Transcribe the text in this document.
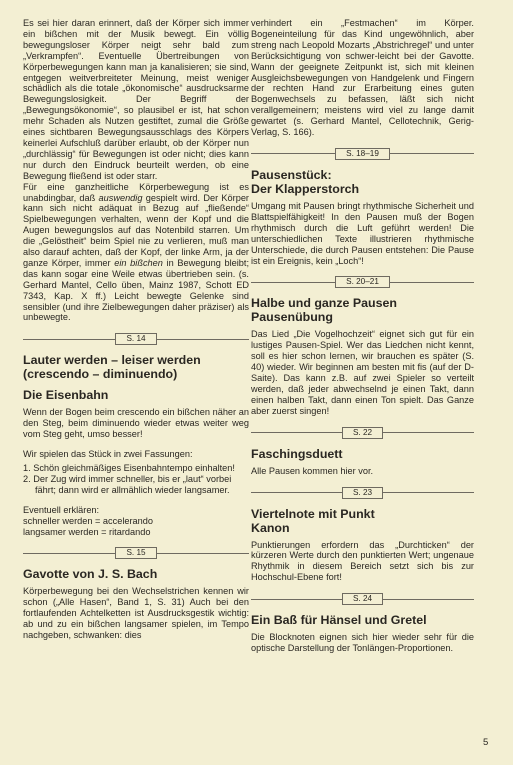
Es sei hier daran erinnert, daß der Körper sich immer ein bißchen mit der Musik bewegt. Ein völlig bewegungsloser Körper neigt sehr bald zum „Verkrampfen“. Eventuelle Übertreibungen von Körperbewegungen kann man ja kanalisieren; sie sind, entgegen weitverbreiteter Meinung, meist weniger schädlich als die totale „ökonomische“ ausdrucksarme Bewegungslosigkeit. Der Begriff der „Bewegungsökonomie“, so plausibel er ist, hat schon mehr Schaden als Nutzen gestiftet, zumal die Größe eines sichtbaren Bewegungsausschlags des Körpers keinerlei Aufschluß darüber erlaubt, ob der Körper nun „durchlässig“ für Bewegungen ist oder nicht; dies kann nur durch den Eindruck beurteilt werden, ob eine Bewegung fließend ist oder starr.

Für eine ganzheitliche Körperbewegung ist es unabdingbar, daß auswendig gespielt wird. Der Körper kann sich nicht adäquat in Bezug auf „fließende“ Spielbewegungen verhalten, wenn der Kopf und die Augen bewegungslos auf das Notenbild starren. Um die „Gelöstheit“ beim Spiel nie zu verlieren, muß man also darauf achten, daß der Kopf, der linke Arm, ja der ganze Körper, immer ein bißchen in Bewegung bleibt; das kann sogar eine Weile etwas übertrieben sein. (s. Gerhard Mantel, Cello üben, Mainz 1987, Schott ED 7343, Kap. X ff.) Leicht bewegte Gelenke sind sensibler (und ihre Zielbewegungen daher präziser) als unbewegte.

S. 14

Lauter werden – leiser werden

(crescendo – diminuendo)

Die Eisenbahn

Wenn der Bogen beim crescendo ein bißchen näher an den Steg, beim diminuendo wieder etwas weiter weg vom Steg geht, umso besser!

Wir spielen das Stück in zwei Fassungen:

1. Schön gleichmäßiges Eisenbahntempo einhalten!
2. Der Zug wird immer schneller, bis er „laut“ vorbei fährt; dann wird er allmählich wieder langsamer.

Eventuell erklären:

schneller werden = accelerando

langsamer werden = ritardando

S. 15

Gavotte von J. S. Bach

Körperbewegung bei den Wechselstrichen kennen wir schon („Alle Hasen“, Band 1, S. 31) Auch bei den fortlaufenden Achtelketten ist Ausdrucksgestik wichtig: ab und zu ein bißchen langsamer spielen, im Tempo nachgeben, schwanken: dies

verhindert ein „Festmachen“ im Körper. Bogeneinteilung für das Kind ungewöhnlich, aber streng nach Leopold Mozarts „Abstrichregel“ und unter Berücksichtigung von schwer-leicht bei der Gavotte. Wann der geeignete Zeitpunkt ist, sich mit kleinen Ausgleichsbewegungen von Handgelenk und Fingern der rechten Hand zur Erarbeitung eines guten Bogenwechsels zu befassen, läßt sich nicht verallgemeinern; meistens wird viel zu lange damit gewartet (s. Gerhard Mantel, Cellotechnik, Gerig-Verlag, S. 166).

S. 18–19

Pausenstück:

Der Klapperstorch

Umgang mit Pausen bringt rhythmische Sicherheit und Blattspielfähigkeit! In den Pausen muß der Bogen rhythmisch durch die Luft geführt werden! Die unterschiedlichen Texte illustrieren rhythmische Unterschiede, die durch Pausen entstehen: Die Pause ist ein Ereignis, kein „Loch“!

S. 20–21

Halbe und ganze Pausen

Pausenübung

Das Lied „Die Vogelhochzeit“ eignet sich gut für ein lustiges Pausen-Spiel. Wer das Liedchen nicht kennt, soll es hier schon lernen, wir brauchen es später (S. 40) wieder. Wir beginnen am besten mit fis (auf der D-Saite). Das kann z.B. auf zwei Spieler so verteilt werden, daß jeder abwechselnd je einen Takt, dann einen halben Takt, dann einen Ton spielt. Das Ganze aber zuerst singen!

S. 22

Faschingsduett

Alle Pausen kommen hier vor.

S. 23

Viertelnote mit Punkt

Kanon

Punktierungen erfordern das „Durchticken“ der kürzeren Werte durch den punktierten Wert; ungenaue Rhythmik in diesem Bereich setzt sich bis zur Hochschul-Ebene fort!

S. 24

Ein Baß für Hänsel und Gretel

Die Blocknoten eignen sich hier wieder sehr für die optische Darstellung der Tonlängen-Proportionen.

5
